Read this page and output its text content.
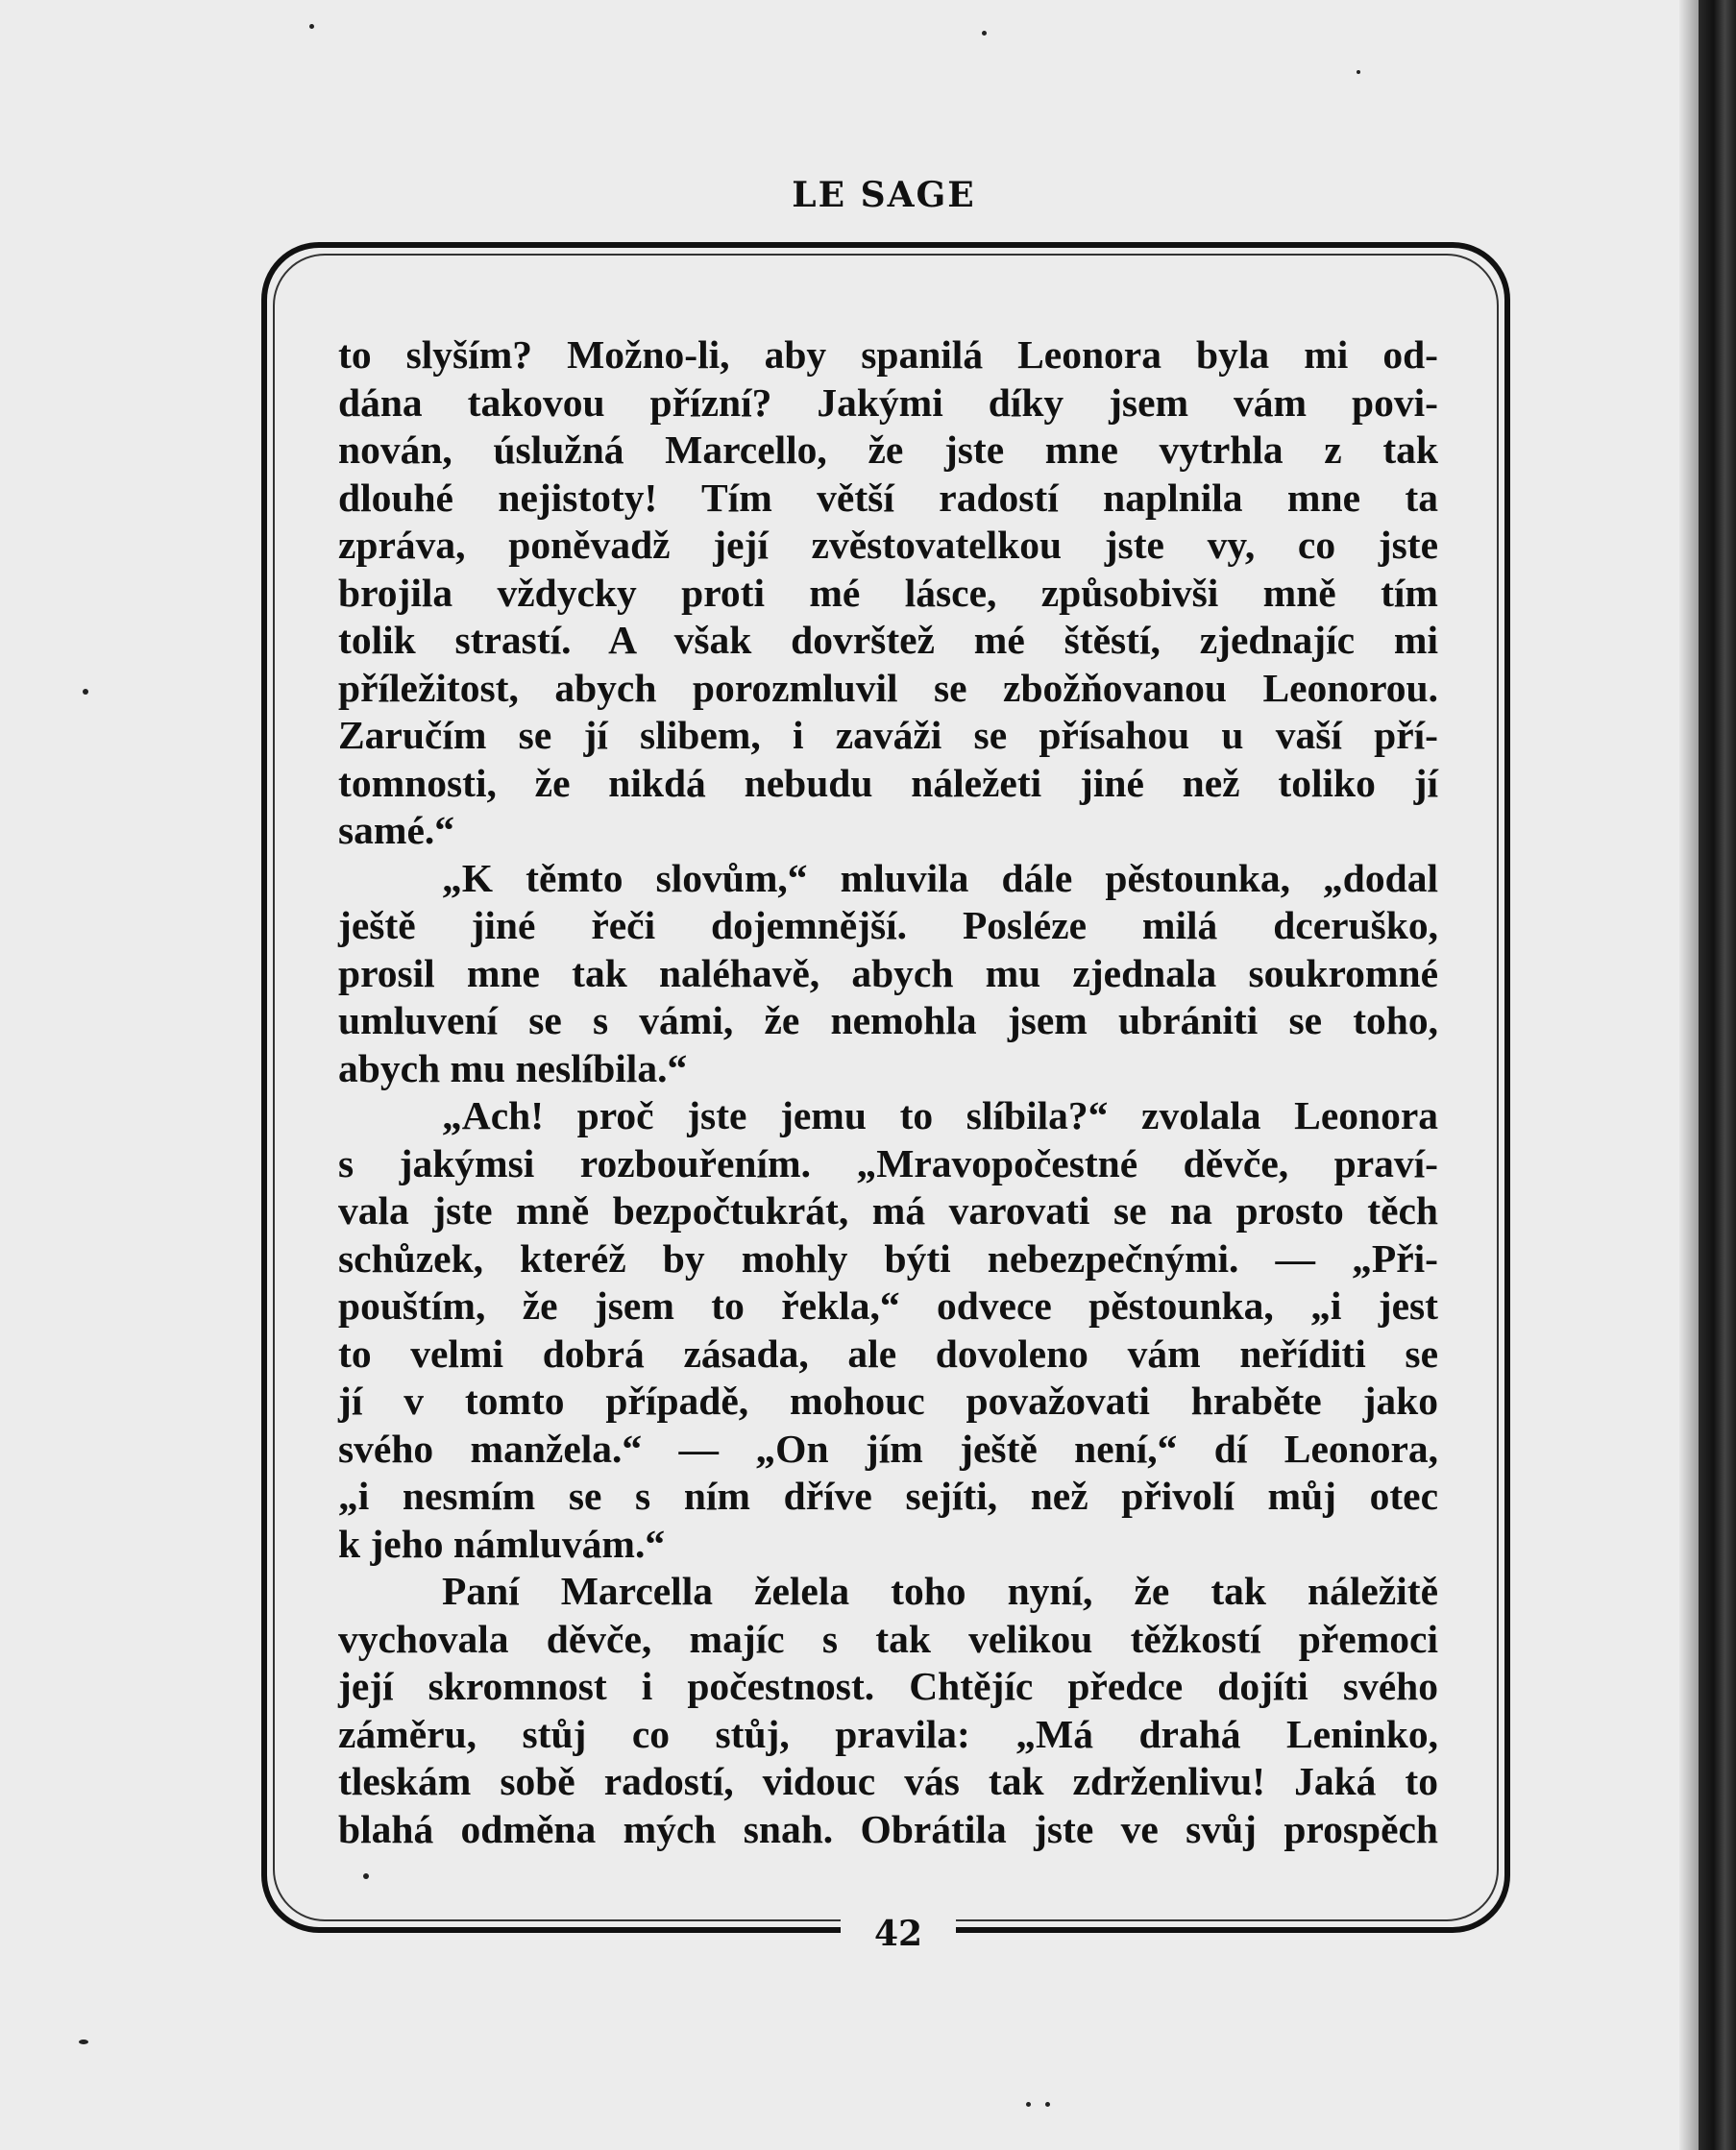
LE SAGE
42
to slyším? Možno-li, aby spanilá Leonora byla mi od-
dána takovou přízní? Jakými díky jsem vám povi-
nován, úslužná Marcello, že jste mne vytrhla z tak
dlouhé nejistoty! Tím větší radostí naplnila mne ta
zpráva, poněvadž její zvěstovatelkou jste vy, co jste
brojila vždycky proti mé lásce, způsobivši mně tím
tolik strastí. A však dovrštež mé štěstí, zjednajíc mi
příležitost, abych porozmluvil se zbožňovanou Leonorou.
Zaručím se jí slibem, i zaváži se přísahou u vaší pří-
tomnosti, že nikdá nebudu náležeti jiné než toliko jí
samé.“
„K těmto slovům,“ mluvila dále pěstounka, „dodal
ještě jiné řeči dojemnější. Posléze milá dceruško,
prosil mne tak naléhavě, abych mu zjednala soukromné
umluvení se s vámi, že nemohla jsem ubrániti se toho,
abych mu neslíbila.“
„Ach! proč jste jemu to slíbila?“ zvolala Leonora
s jakýmsi rozbouřením. „Mravopočestné děvče, praví-
vala jste mně bezpočtukrát, má varovati se na prosto těch
schůzek, kteréž by mohly býti nebezpečnými. — „Při-
pouštím, že jsem to řekla,“ odvece pěstounka, „i jest
to velmi dobrá zásada, ale dovoleno vám neříditi se
jí v tomto případě, mohouc považovati hraběte jako
svého manžela.“ — „On jím ještě není,“ dí Leonora,
„i nesmím se s ním dříve sejíti, než přivolí můj otec
k jeho námluvám.“
Paní Marcella želela toho nyní, že tak náležitě
vychovala děvče, majíc s tak velikou těžkostí přemoci
její skromnost i počestnost. Chtějíc předce dojíti svého
záměru, stůj co stůj, pravila: „Má drahá Leninko,
tleskám sobě radostí, vidouc vás tak zdrženlivu! Jaká to
blahá odměna mých snah. Obrátila jste ve svůj prospěch
